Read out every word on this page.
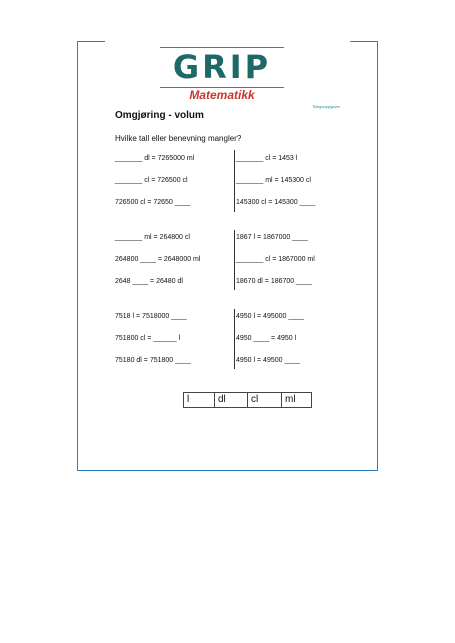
GRIP
Matematikk
Tillegsoppgaver
Omgjøring - volum
Hvilke tall eller benevning mangler?
_______ dl = 7265000 ml
_______ cl = 726500 cl
726500 cl = 72650 ____
_______ cl = 1453 l
_______ ml = 145300 cl
145300 cl = 145300 ____
_______ ml = 264800 cl
264800 ____ = 2648000 ml
2648 ____ = 26480 dl
1867 l = 1867000 ____
_______ cl = 1867000 ml
18670 dl = 186700 ____
7518 l = 7518000 ____
751800 cl = ______ l
75180 dl = 751800 ____
4950 l = 495000 ____
4950 ____ = 4950 l
4950 l = 49500 ____
l	dl	cl	ml
